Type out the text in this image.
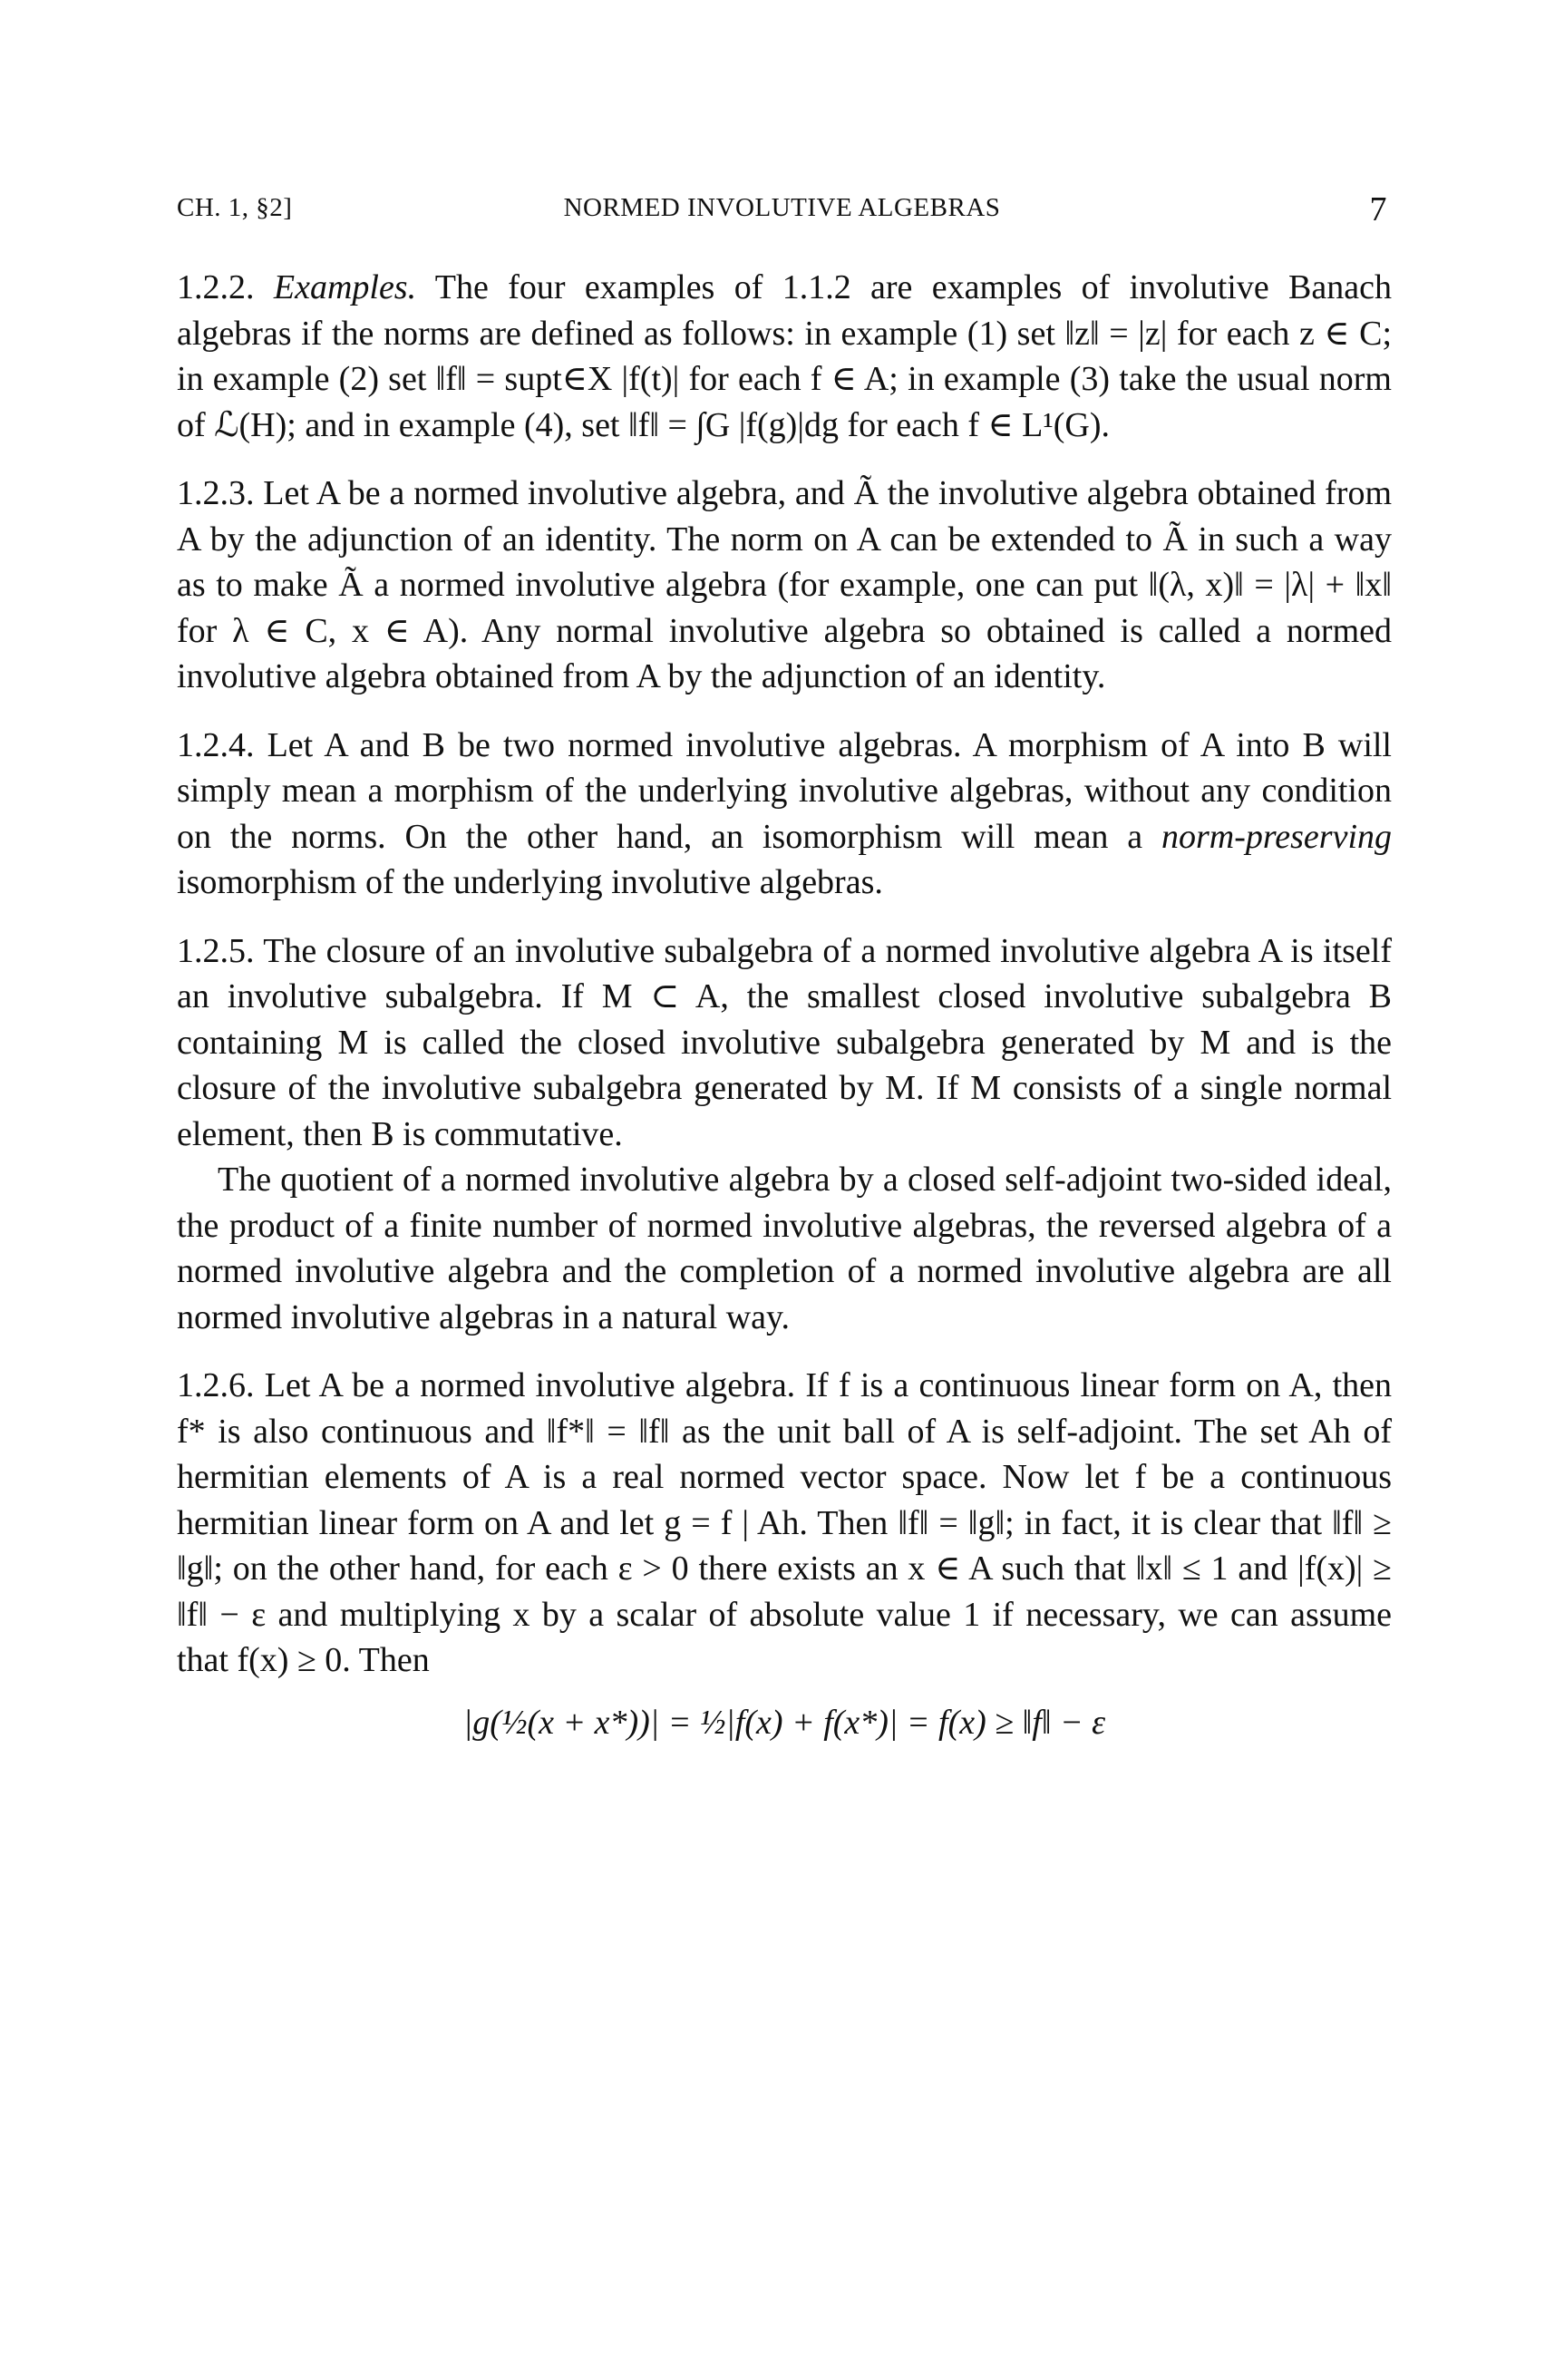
CH. 1, §2]	NORMED INVOLUTIVE ALGEBRAS	7

1.2.2. Examples. The four examples of 1.1.2 are examples of involutive Banach algebras if the norms are defined as follows: in example (1) set ‖z‖ = |z| for each z ∈ C; in example (2) set ‖f‖ = supt∈X |f(t)| for each f ∈ A; in example (3) take the usual norm of ℒ(H); and in example (4), set ‖f‖ = ∫G |f(g)|dg for each f ∈ L¹(G).

1.2.3. Let A be a normed involutive algebra, and Ã the involutive algebra obtained from A by the adjunction of an identity. The norm on A can be extended to Ã in such a way as to make Ã a normed involutive algebra (for example, one can put ‖(λ, x)‖ = |λ| + ‖x‖ for λ ∈ C, x ∈ A). Any normal involutive algebra so obtained is called a normed involutive algebra obtained from A by the adjunction of an identity.

1.2.4. Let A and B be two normed involutive algebras. A morphism of A into B will simply mean a morphism of the underlying involutive algebras, without any condition on the norms. On the other hand, an isomorphism will mean a norm-preserving isomorphism of the underlying involutive algebras.

1.2.5. The closure of an involutive subalgebra of a normed involutive algebra A is itself an involutive subalgebra. If M ⊂ A, the smallest closed involutive subalgebra B containing M is called the closed involutive subalgebra generated by M and is the closure of the involutive subalgebra generated by M. If M consists of a single normal element, then B is commutative.

The quotient of a normed involutive algebra by a closed self-adjoint two-sided ideal, the product of a finite number of normed involutive algebras, the reversed algebra of a normed involutive algebra and the completion of a normed involutive algebra are all normed involutive algebras in a natural way.

1.2.6. Let A be a normed involutive algebra. If f is a continuous linear form on A, then f* is also continuous and ‖f*‖ = ‖f‖ as the unit ball of A is self-adjoint. The set Ah of hermitian elements of A is a real normed vector space. Now let f be a continuous hermitian linear form on A and let g = f | Ah. Then ‖f‖ = ‖g‖; in fact, it is clear that ‖f‖ ≥ ‖g‖; on the other hand, for each ε > 0 there exists an x ∈ A such that ‖x‖ ≤ 1 and |f(x)| ≥ ‖f‖ − ε and multiplying x by a scalar of absolute value 1 if necessary, we can assume that f(x) ≥ 0. Then

|g(½(x + x*))| = ½|f(x) + f(x*)| = f(x) ≥ ‖f‖ − ε
